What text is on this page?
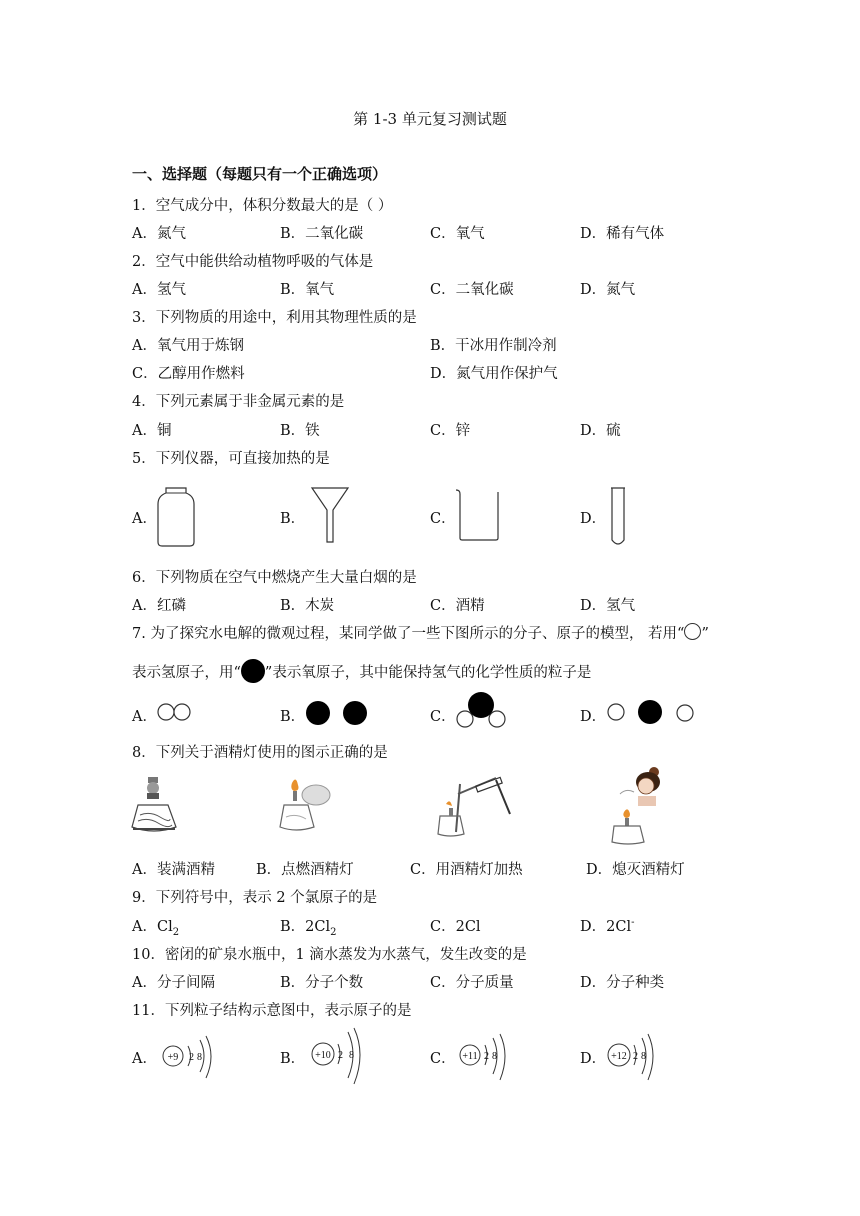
第 1-3 单元复习测试题
一、选择题（每题只有一个正确选项）
1．空气成分中，体积分数最大的是（ ）
A．氮气	B．二氧化碳	C．氧气	D．稀有气体
2．空气中能供给动植物呼吸的气体是
A．氢气	B．氧气	C．二氧化碳	D．氮气
3．下列物质的用途中，利用其物理性质的是
A．氧气用于炼钢	B．干冰用作制冷剂
C．乙醇用作燃料	D．氮气用作保护气
4．下列元素属于非金属元素的是
A．铜	B．铁	C．锌	D．硫
5．下列仪器，可直接加热的是
A．	B．	C．	D．
6．下列物质在空气中燃烧产生大量白烟的是
A．红磷	B．木炭	C．酒精	D．氢气
7. 为了探究水电解的微观过程，某同学做了一些下图所示的分子、原子的模型， 若用“ ”
表示氢原子，用“ ”表示氧原子，其中能保持氢气的化学性质的粒子是
A．	B．	C．	D．
8．下列关于酒精灯使用的图示正确的是
A．装满酒精	B．点燃酒精灯	C．用酒精灯加热	D．熄灭酒精灯
9．下列符号中，表示 2 个氯原子的是
A．$Cl_2$	B．$2Cl_2$	C．2Cl	D．2Cl-
10．密闭的矿泉水瓶中，1 滴水蒸发为水蒸气，发生改变的是
A．分子间隔	B．分子个数	C．分子质量	D．分子种类
11．下列粒子结构示意图中，表示原子的是
A． +9 2 8	B． +10 2 8	C． +11 2 8	D． +12 2 8
